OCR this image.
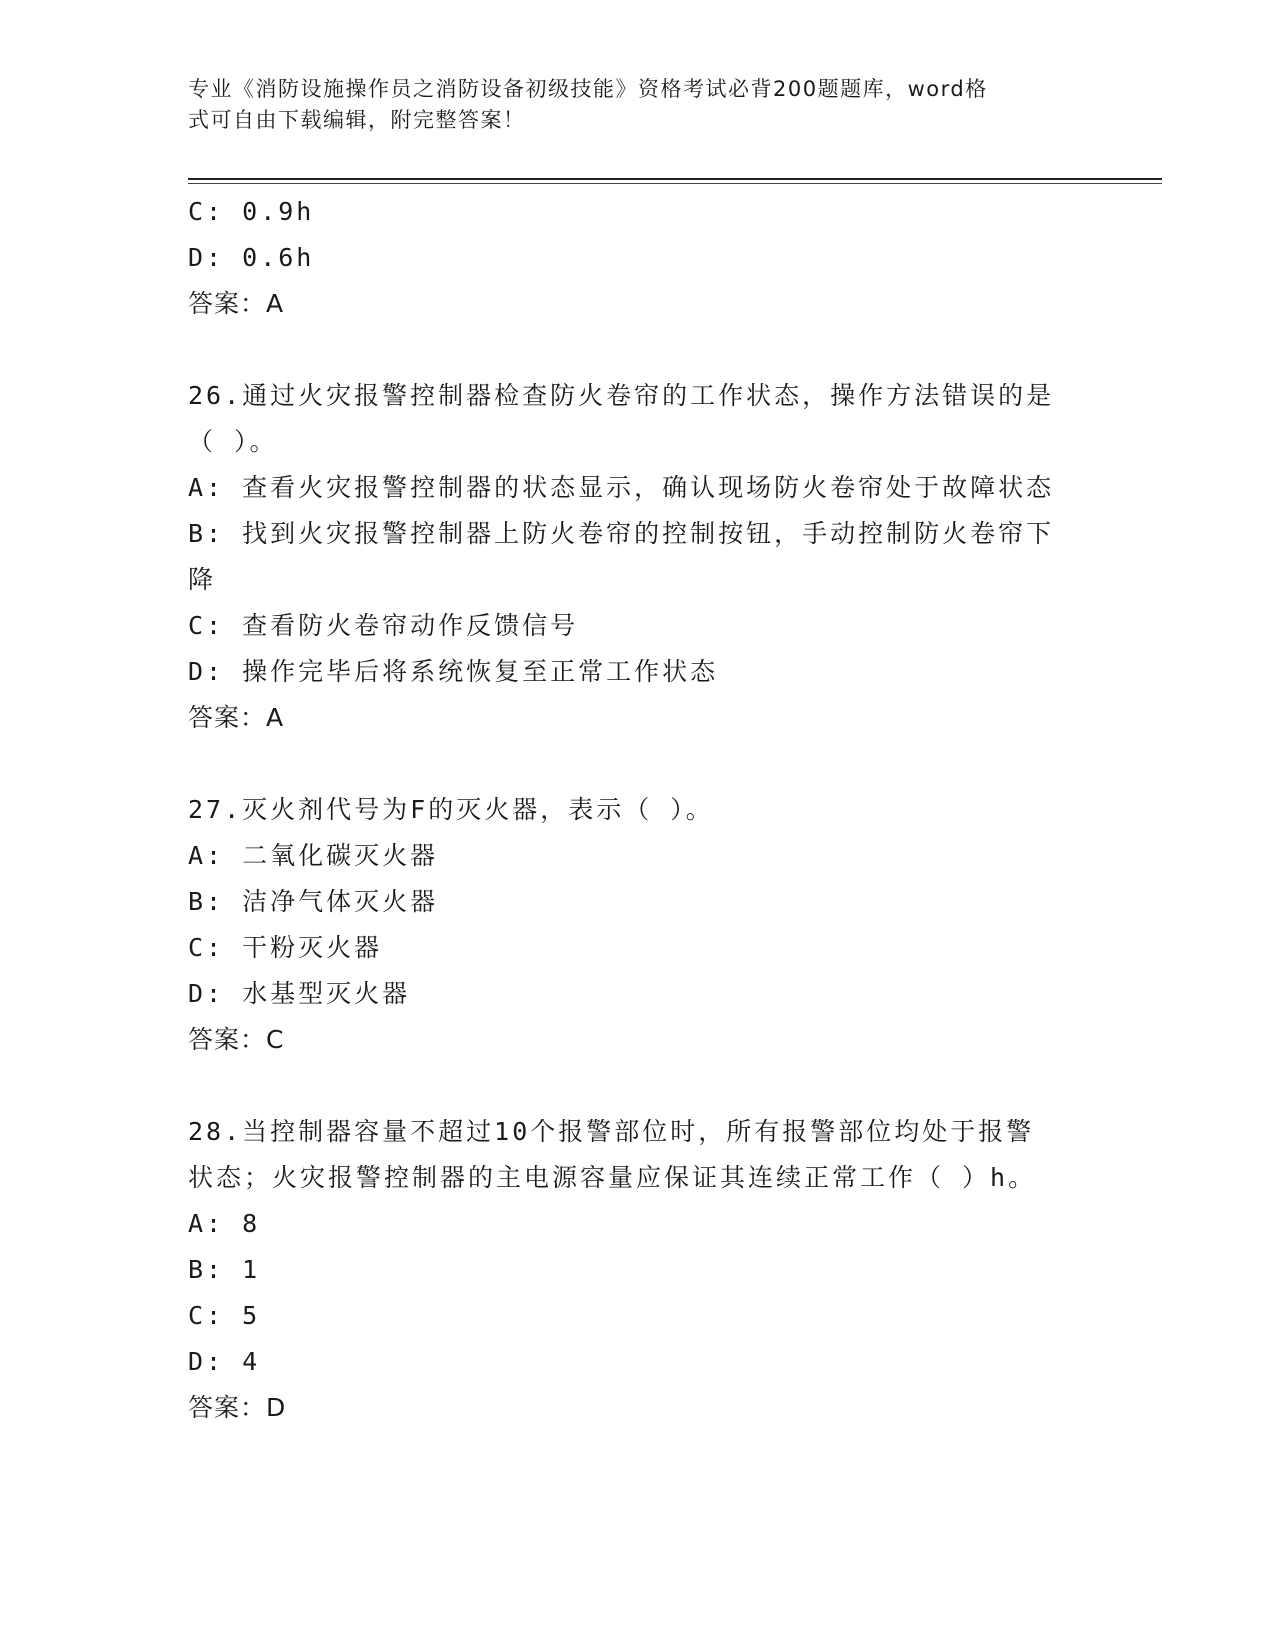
专业《消防设施操作员之消防设备初级技能》资格考试必背200题题库，word格
式可自由下载编辑，附完整答案！
C: 0.9h
D: 0.6h
答案：A
26.通过火灾报警控制器检查防火卷帘的工作状态，操作方法错误的是
（ ）。
A: 查看火灾报警控制器的状态显示，确认现场防火卷帘处于故障状态
B: 找到火灾报警控制器上防火卷帘的控制按钮，手动控制防火卷帘下
降
C: 查看防火卷帘动作反馈信号
D: 操作完毕后将系统恢复至正常工作状态
答案：A
27.灭火剂代号为F的灭火器，表示（ ）。
A: 二氧化碳灭火器
B: 洁净气体灭火器
C: 干粉灭火器
D: 水基型灭火器
答案：C
28.当控制器容量不超过10个报警部位时，所有报警部位均处于报警
状态；火灾报警控制器的主电源容量应保证其连续正常工作（ ）h。
A: 8
B: 1
C: 5
D: 4
答案：D
